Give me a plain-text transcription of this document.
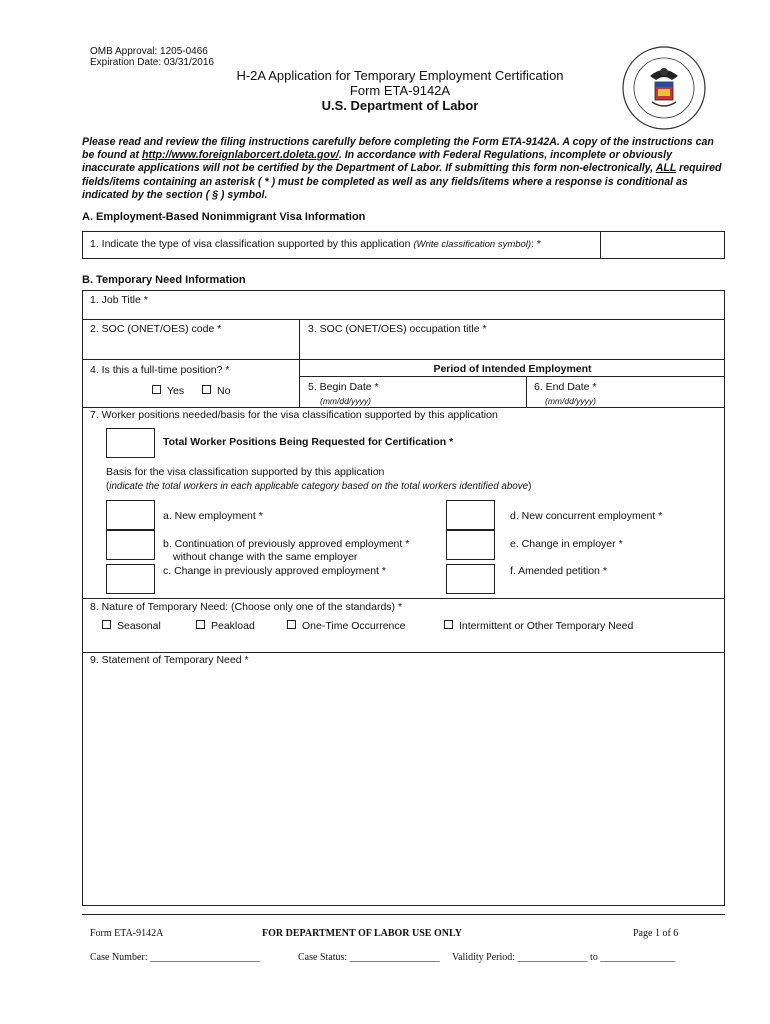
OMB Approval: 1205-0466
Expiration Date: 03/31/2016
H-2A Application for Temporary Employment Certification
Form ETA-9142A
U.S. Department of Labor
Please read and review the filing instructions carefully before completing the Form ETA-9142A. A copy of the instructions can be found at http://www.foreignlaborcert.doleta.gov/. In accordance with Federal Regulations, incomplete or obviously inaccurate applications will not be certified by the Department of Labor. If submitting this form non-electronically, ALL required fields/items containing an asterisk ( * ) must be completed as well as any fields/items where a response is conditional as indicated by the section ( § ) symbol.
A. Employment-Based Nonimmigrant Visa Information
1. Indicate the type of visa classification supported by this application (Write classification symbol): *
B. Temporary Need Information
1. Job Title *
2. SOC (ONET/OES) code *	3. SOC (ONET/OES) occupation title *
4. Is this a full-time position? *
Yes	No
Period of Intended Employment
5. Begin Date *
(mm/dd/yyyy)
6. End Date *
(mm/dd/yyyy)
7. Worker positions needed/basis for the visa classification supported by this application
Total Worker Positions Being Requested for Certification *
Basis for the visa classification supported by this application
(indicate the total workers in each applicable category based on the total workers identified above)
a. New employment *
b. Continuation of previously approved employment *
without change with the same employer
c. Change in previously approved employment *
d. New concurrent employment *
e. Change in employer *
f. Amended petition *
8. Nature of Temporary Need: (Choose only one of the standards) *
Seasonal	Peakload	One-Time Occurrence	Intermittent or Other Temporary Need
9. Statement of Temporary Need *
Form ETA-9142A	FOR DEPARTMENT OF LABOR USE ONLY	Page 1 of 6
Case Number: ______________________	Case Status: __________________ Validity Period: ______________ to _______________
